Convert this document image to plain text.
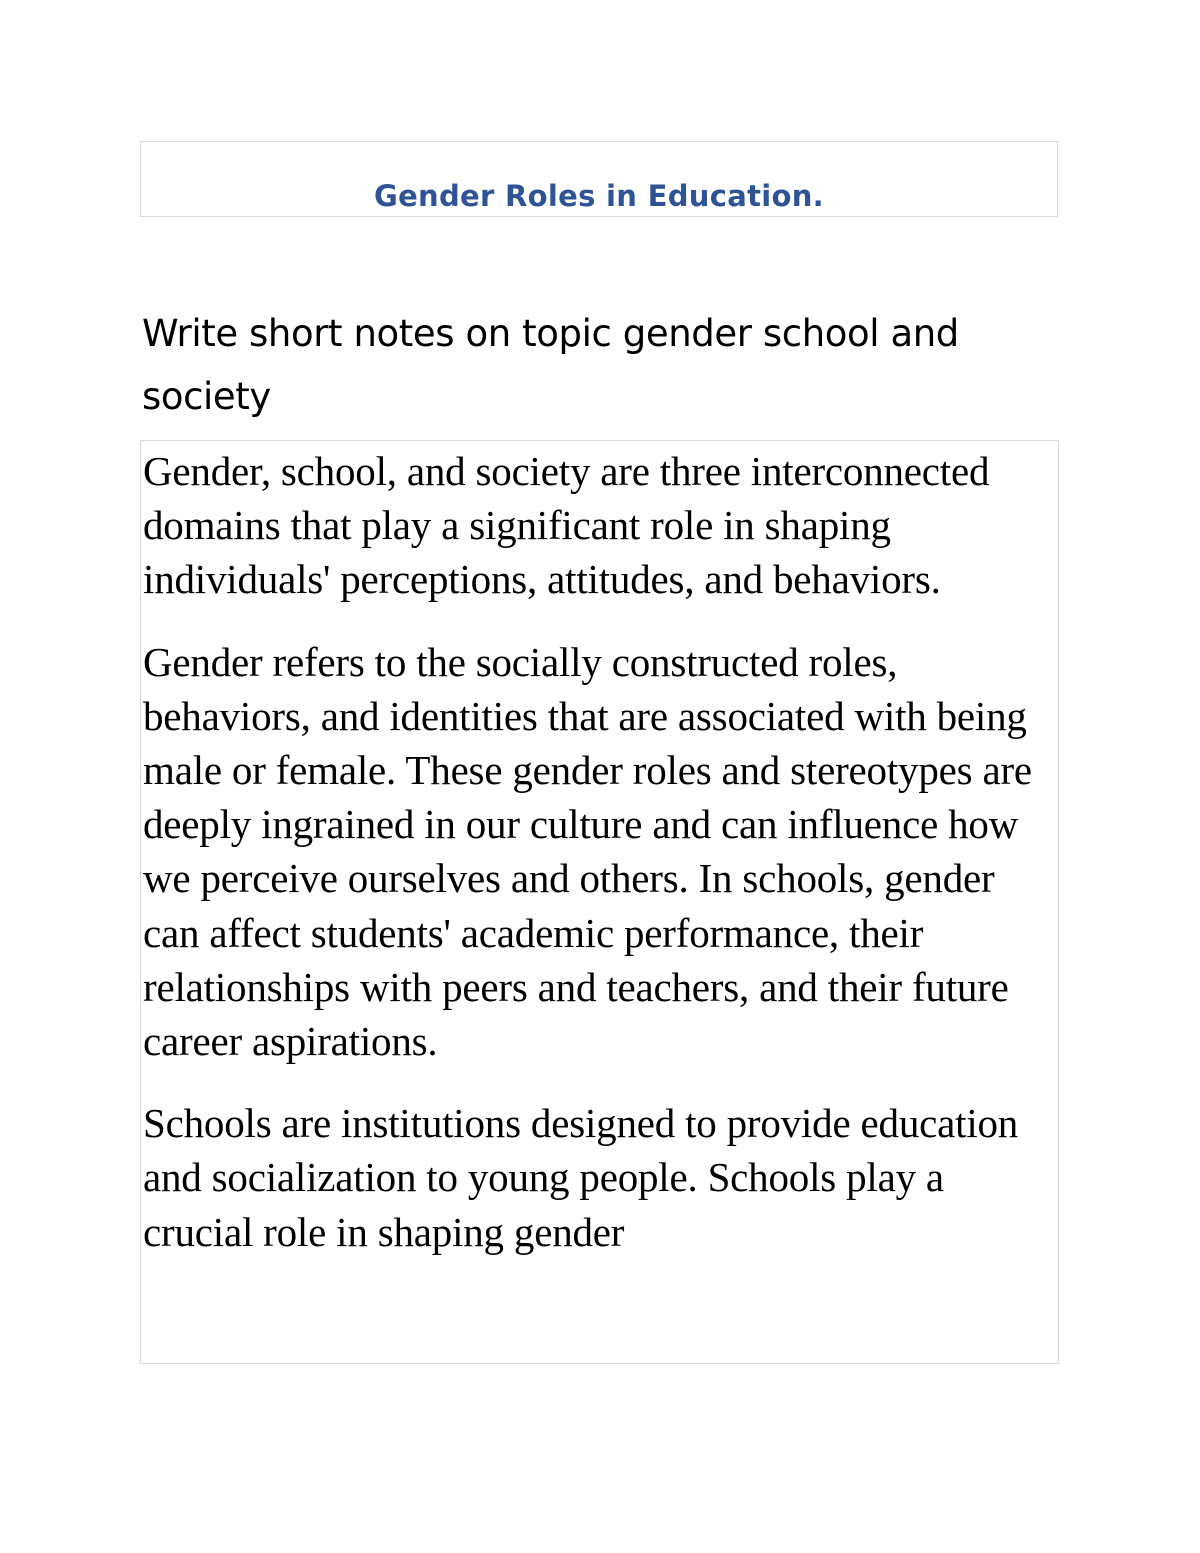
Gender Roles in Education.

Write short notes on topic gender school and society

Gender, school, and society are three interconnected domains that play a significant role in shaping individuals' perceptions, attitudes, and behaviors.

Gender refers to the socially constructed roles, behaviors, and identities that are associated with being male or female. These gender roles and stereotypes are deeply ingrained in our culture and can influence how we perceive ourselves and others. In schools, gender can affect students' academic performance, their relationships with peers and teachers, and their future career aspirations.

Schools are institutions designed to provide education and socialization to young people. Schools play a crucial role in shaping gender
